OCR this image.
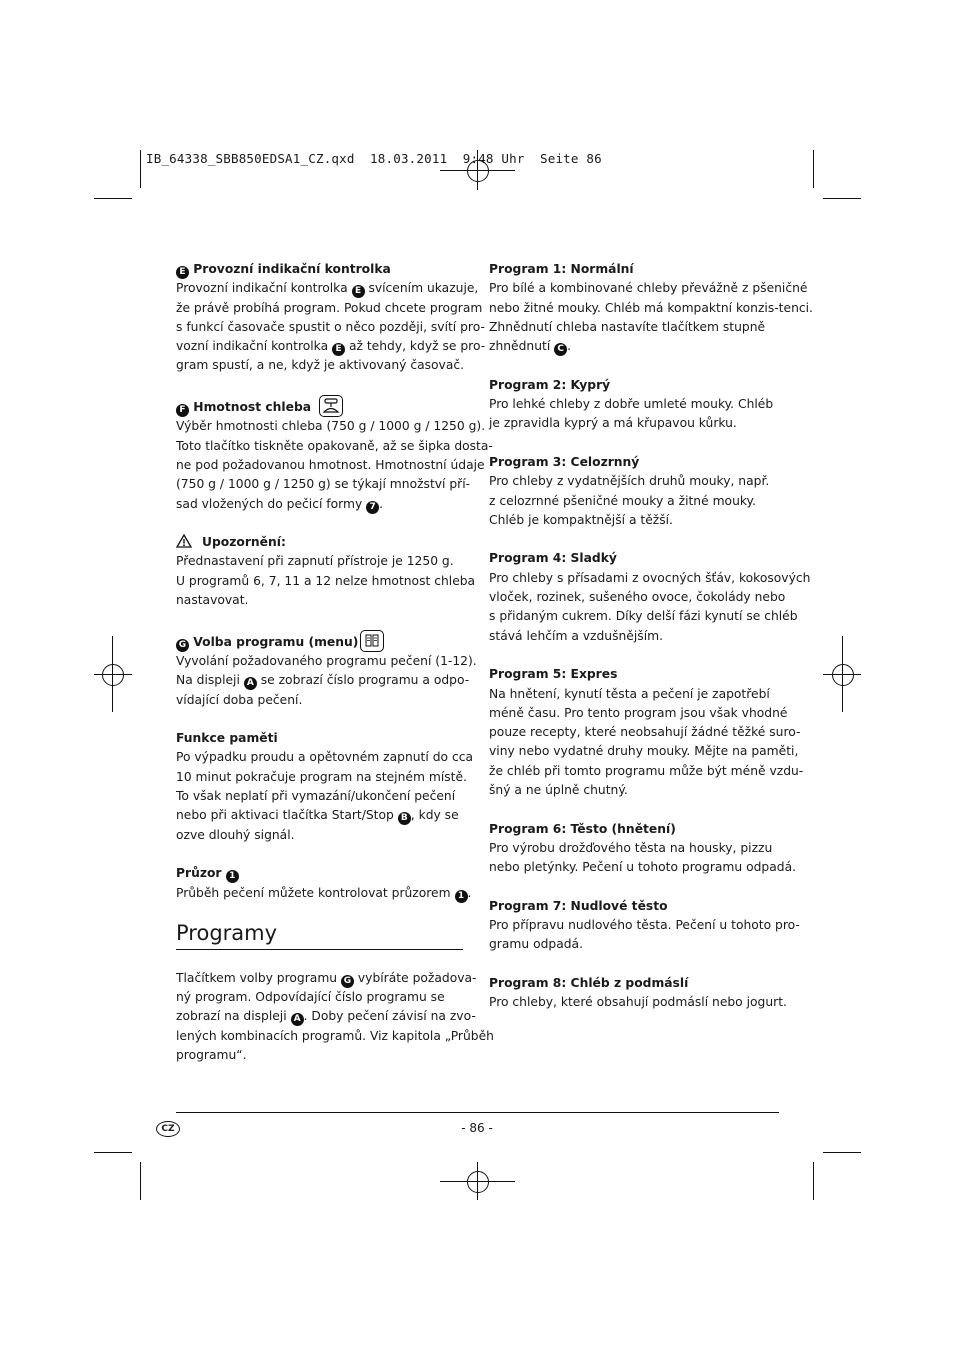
IB_64338_SBB850EDSA1_CZ.qxd  18.03.2011  9:48 Uhr  Seite 86
E Provozní indikační kontrolka
Provozní indikační kontrolka E svícením ukazuje,
že právě probíhá program. Pokud chcete program
s funkcí časovače spustit o něco později, svítí pro-
vozní indikační kontrolka E až tehdy, když se pro-
gram spustí, a ne, když je aktivovaný časovač.
F Hmotnost chleba
Výběr hmotnosti chleba (750 g / 1000 g / 1250 g).
Toto tlačítko tiskněte opakovaně, až se šipka dosta-
ne pod požadovanou hmotnost. Hmotnostní údaje
(750 g / 1000 g / 1250 g) se týkají množství pří-
sad vložených do pečicí formy 7 .
Upozornění:
Přednastavení při zapnutí přístroje je 1250 g.
U programů 6, 7, 11 a 12 nelze hmotnost chleba
nastavovat.
G Volba programu (menu)
Vyvolání požadovaného programu pečení (1-12).
Na displeji A se zobrazí číslo programu a odpo-
vídající doba pečení.
Funkce paměti
Po výpadku proudu a opětovném zapnutí do cca
10 minut pokračuje program na stejném místě.
To však neplatí při vymazání/ukončení pečení
nebo při aktivaci tlačítka Start/Stop B , kdy se
ozve dlouhý signál.
Průzor 1
Průběh pečení můžete kontrolovat průzorem 1 .
Programy
Tlačítkem volby programu G vybíráte požadova-
ný program. Odpovídající číslo programu se
zobrazí na displeji A . Doby pečení závisí na zvo-
lených kombinacích programů. Viz kapitola „Průběh
programu“.
Program 1: Normální
Pro bílé a kombinované chleby převážně z pšeničné
nebo žitné mouky. Chléb má kompaktní konzis-tenci.
Zhnědnutí chleba nastavíte tlačítkem stupně
zhnědnutí C .
Program 2: Kyprý
Pro lehké chleby z dobře umleté mouky. Chléb
je zpravidla kyprý a má křupavou kůrku.
Program 3: Celozrnný
Pro chleby z vydatnějších druhů mouky, např.
z celozrnné pšeničné mouky a žitné mouky.
Chléb je kompaktnější a těžší.
Program 4: Sladký
Pro chleby s přísadami z ovocných šťáv, kokosových
vloček, rozinek, sušeného ovoce, čokolády nebo
s přidaným cukrem. Díky delší fázi kynutí se chléb
stává lehčím a vzdušnějším.
Program 5: Expres
Na hnětení, kynutí těsta a pečení je zapotřebí
méně času. Pro tento program jsou však vhodné
pouze recepty, které neobsahují žádné těžké suro-
viny nebo vydatné druhy mouky. Mějte na paměti,
že chléb při tomto programu může být méně vzdu-
šný a ne úplně chutný.
Program 6: Těsto (hnětení)
Pro výrobu drožďového těsta na housky, pizzu
nebo pletýnky. Pečení u tohoto programu odpadá.
Program 7: Nudlové těsto
Pro přípravu nudlového těsta. Pečení u tohoto pro-
gramu odpadá.
Program 8: Chléb z podmáslí
Pro chleby, které obsahují podmáslí nebo jogurt.
CZ	- 86 -
